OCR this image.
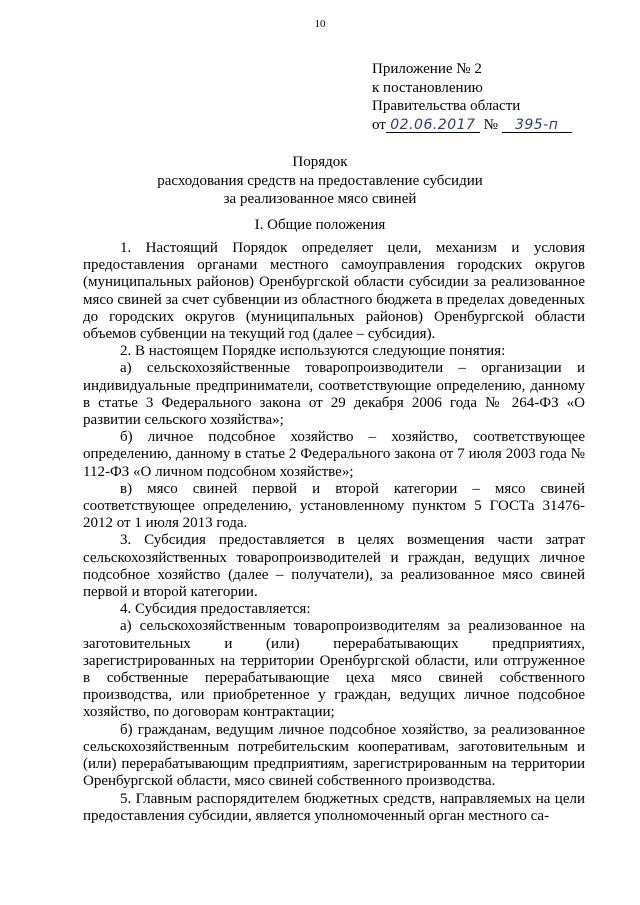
10
Приложение № 2
к постановлению
Правительства области
от 02.06.2017 № 395-п
Порядок
расходования средств на предоставление субсидии
за реализованное мясо свиней
I. Общие положения

1. Настоящий Порядок определяет цели, механизм и условия предоставления органами местного самоуправления городских округов (муниципальных районов) Оренбургской области субсидии за реализованное мясо свиней за счет субвенции из областного бюджета в пределах доведенных до городских округов (муниципальных районов) Оренбургской области объемов субвенции на текущий год (далее – субсидия).

2. В настоящем Порядке используются следующие понятия:

а) сельскохозяйственные товаропроизводители – организации и индивидуальные предприниматели, соответствующие определению, данному в статье 3 Федерального закона от 29 декабря 2006 года № 264-ФЗ «О развитии сельского хозяйства»;

б) личное подсобное хозяйство – хозяйство, соответствующее определению, данному в статье 2 Федерального закона от 7 июля 2003 года № 112-ФЗ «О личном подсобном хозяйстве»;

в) мясо свиней первой и второй категории – мясо свиней соответствующее определению, установленному пунктом 5 ГОСТа 31476-2012 от 1 июля 2013 года.

3. Субсидия предоставляется в целях возмещения части затрат сельскохозяйственных товаропроизводителей и граждан, ведущих личное подсобное хозяйство (далее – получатели), за реализованное мясо свиней первой и второй категории.

4. Субсидия предоставляется:

а) сельскохозяйственным товаропроизводителям за реализованное на заготовительных и (или) перерабатывающих предприятиях, зарегистрированных на территории Оренбургской области, или отгруженное в собственные перерабатывающие цеха мясо свиней собственного производства, или приобретенное у граждан, ведущих личное подсобное хозяйство, по договорам контрактации;

б) гражданам, ведущим личное подсобное хозяйство, за реализованное сельскохозяйственным потребительским кооперативам, заготовительным и (или) перерабатывающим предприятиям, зарегистрированным на территории Оренбургской области, мясо свиней собственного производства.

5. Главным распорядителем бюджетных средств, направляемых на цели предоставления субсидии, является уполномоченный орган местного са-
